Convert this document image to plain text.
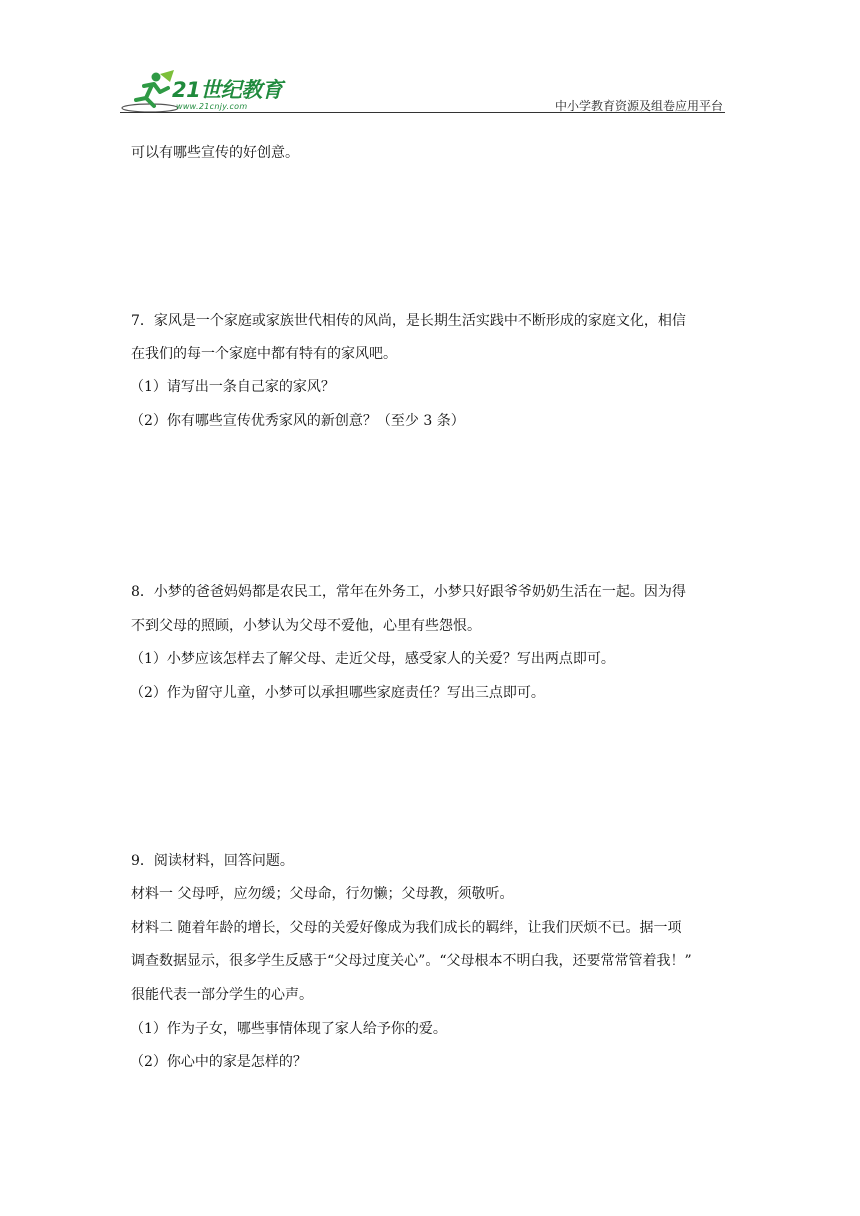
21世纪教育
www.21cnjy.com	中小学教育资源及组卷应用平台
可以有哪些宣传的好创意。
7．家风是一个家庭或家族世代相传的风尚，是长期生活实践中不断形成的家庭文化，相信
在我们的每一个家庭中都有特有的家风吧。
（1）请写出一条自己家的家风？
（2）你有哪些宣传优秀家风的新创意？（至少 3 条）
8．小梦的爸爸妈妈都是农民工，常年在外务工，小梦只好跟爷爷奶奶生活在一起。因为得
不到父母的照顾，小梦认为父母不爱他，心里有些怨恨。
（1）小梦应该怎样去了解父母、走近父母，感受家人的关爱？写出两点即可。
（2）作为留守儿童，小梦可以承担哪些家庭责任？写出三点即可。
9．阅读材料，回答问题。
材料一 父母呼，应勿缓；父母命，行勿懒；父母教，须敬听。
材料二 随着年龄的增长，父母的关爱好像成为我们成长的羁绊，让我们厌烦不已。据一项
调查数据显示，很多学生反感于“父母过度关心”。“父母根本不明白我，还要常常管着我！”
很能代表一部分学生的心声。
（1）作为子女，哪些事情体现了家人给予你的爱。
（2）你心中的家是怎样的？
